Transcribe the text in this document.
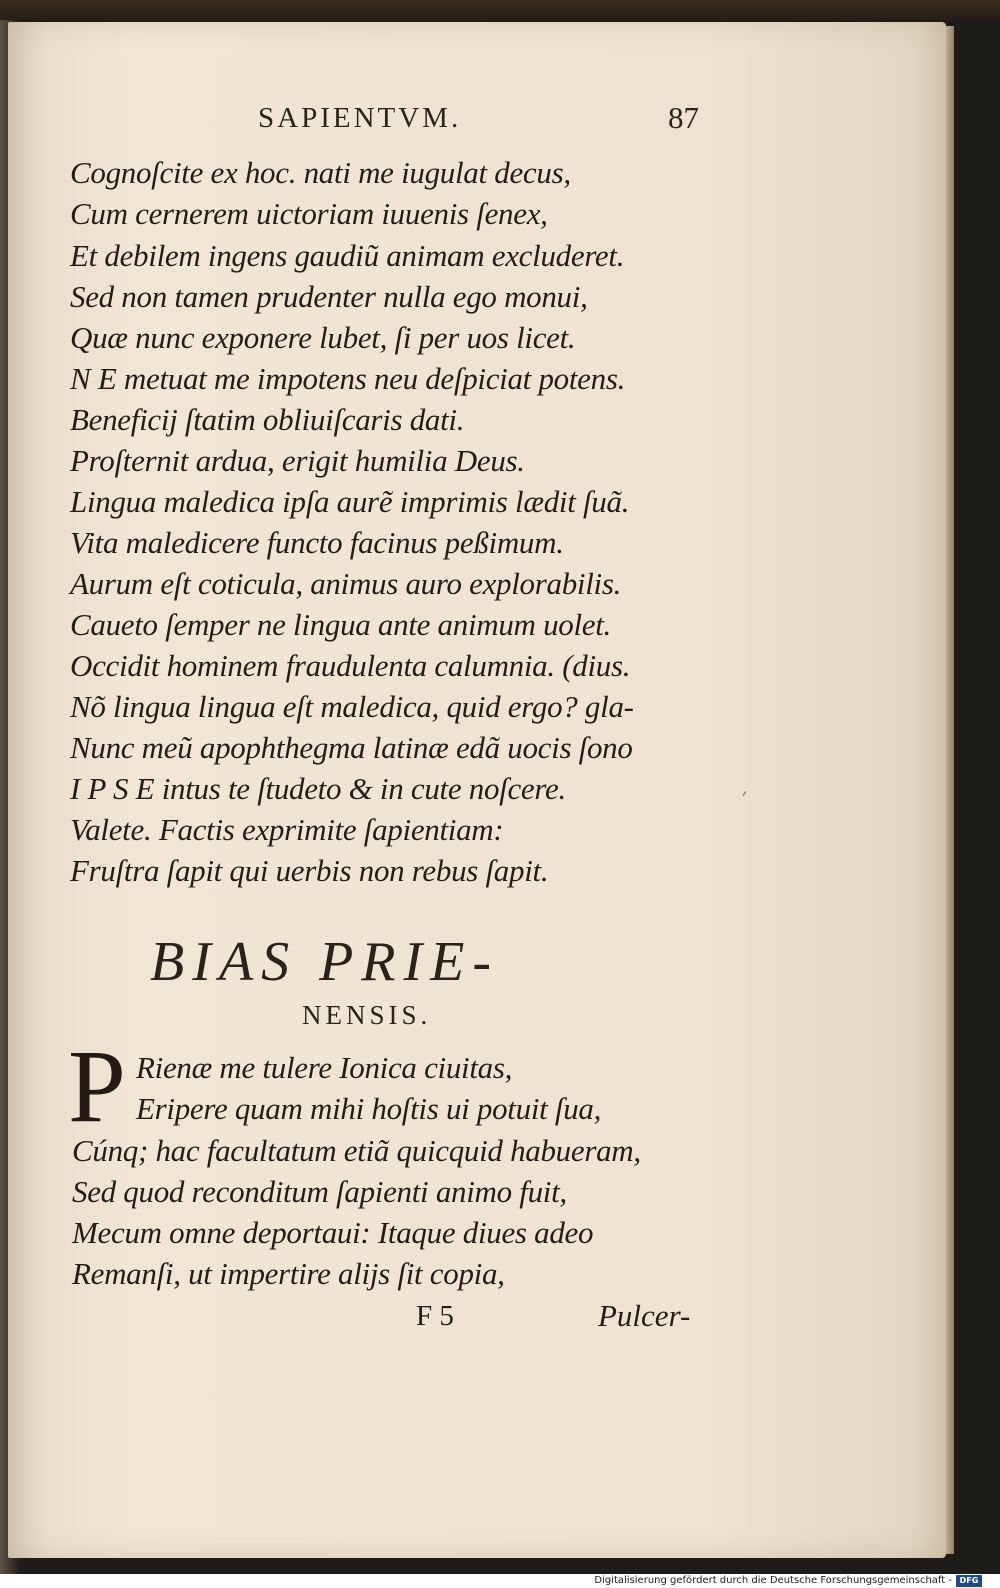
SAPIENTVM.	87
Cognoſcite ex hoc. nati me iugulat decus,
Cum cernerem uictoriam iuuenis ſenex,
Et debilem ingens gaudiũ animam excluderet.
Sed non tamen prudenter nulla ego monui,
Quæ nunc exponere lubet, ſi per uos licet.
N E metuat me impotens neu deſpiciat potens.
Beneficij ſtatim obliuiſcaris dati.
Proſternit ardua, erigit humilia Deus.
Lingua maledica ipſa aurẽ imprimis lædit ſuã.
Vita maledicere functo facinus peßimum.
Aurum eſt coticula, animus auro explorabilis.
Caueto ſemper ne lingua ante animum uolet.
Occidit hominem fraudulenta calumnia. (dius.
Nõ lingua lingua eſt maledica, quid ergo? gla-
Nunc meũ apophthegma latinæ edã uocis ſono
I P S E intus te ſtudeto & in cute noſcere.
Valete. Factis exprimite ſapientiam:
Fruſtra ſapit qui uerbis non rebus ſapit.
BIAS PRIE-
NENSIS.
P Rienæ me tulere Ionica ciuitas,
Eripere quam mihi hoſtis ui potuit ſua,
Cúnq; hac facultatum etiã quicquid habueram,
Sed quod reconditum ſapienti animo fuit,
Mecum omne deportaui: Itaque diues adeo
Remanſi, ut impertire alijs ſit copia,
F 5	Pulcer-
Digitalisierung gefördert durch die Deutsche Forschungsgemeinschaft - DFG
